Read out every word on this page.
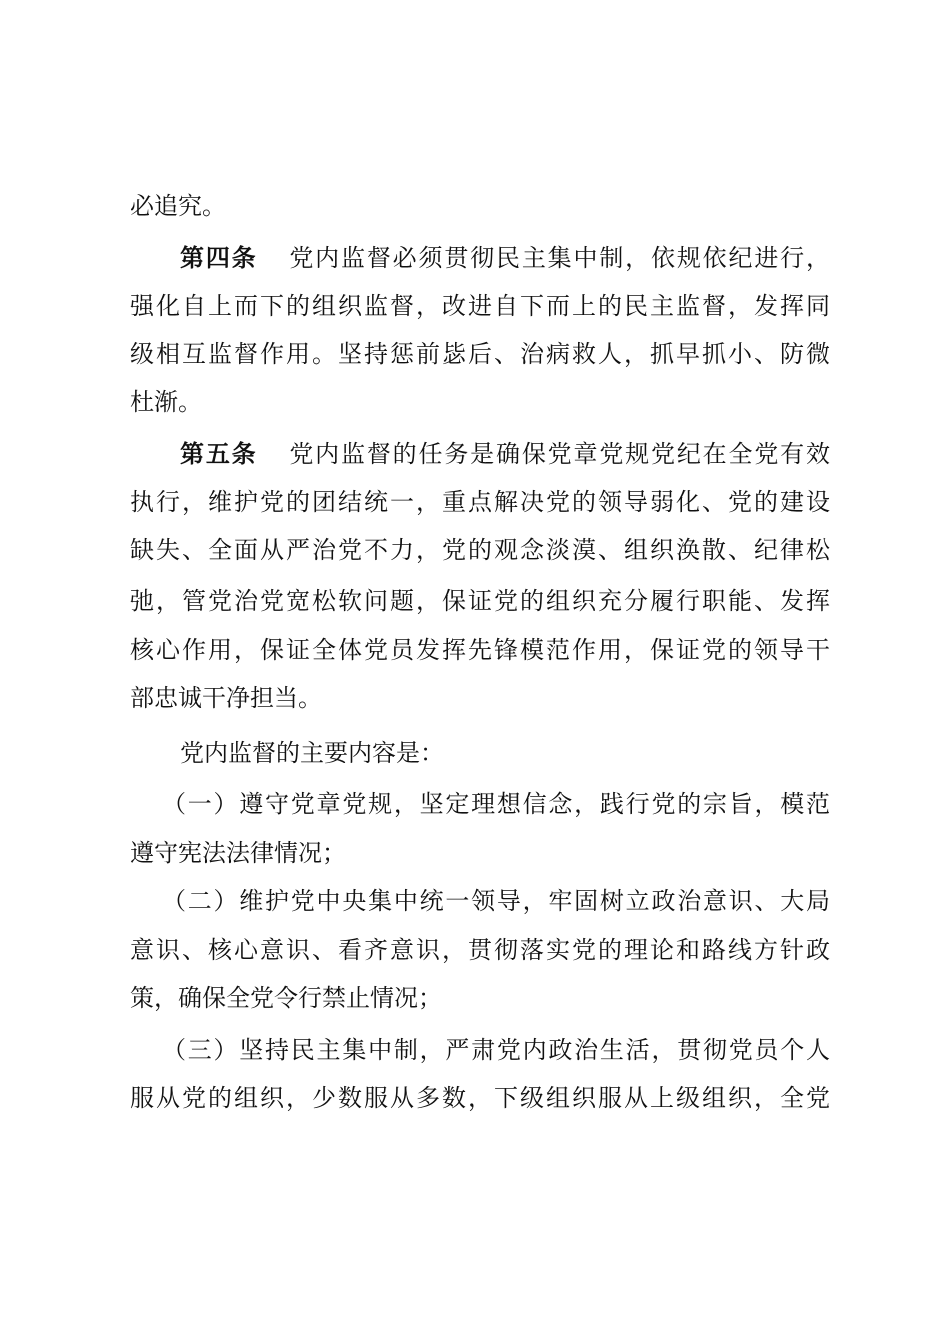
必追究。
第四条 党内监督必须贯彻民主集中制，依规依纪进行，
强化自上而下的组织监督，改进自下而上的民主监督，发挥同
级相互监督作用。坚持惩前毖后、治病救人，抓早抓小、防微
杜渐。
第五条 党内监督的任务是确保党章党规党纪在全党有效
执行，维护党的团结统一，重点解决党的领导弱化、党的建设
缺失、全面从严治党不力，党的观念淡漠、组织涣散、纪律松
弛，管党治党宽松软问题，保证党的组织充分履行职能、发挥
核心作用，保证全体党员发挥先锋模范作用，保证党的领导干
部忠诚干净担当。
党内监督的主要内容是：
（一）遵守党章党规，坚定理想信念，践行党的宗旨，模范
遵守宪法法律情况；
（二）维护党中央集中统一领导，牢固树立政治意识、大局
意识、核心意识、看齐意识，贯彻落实党的理论和路线方针政
策，确保全党令行禁止情况；
（三）坚持民主集中制，严肃党内政治生活，贯彻党员个人
服从党的组织，少数服从多数，下级组织服从上级组织，全党
